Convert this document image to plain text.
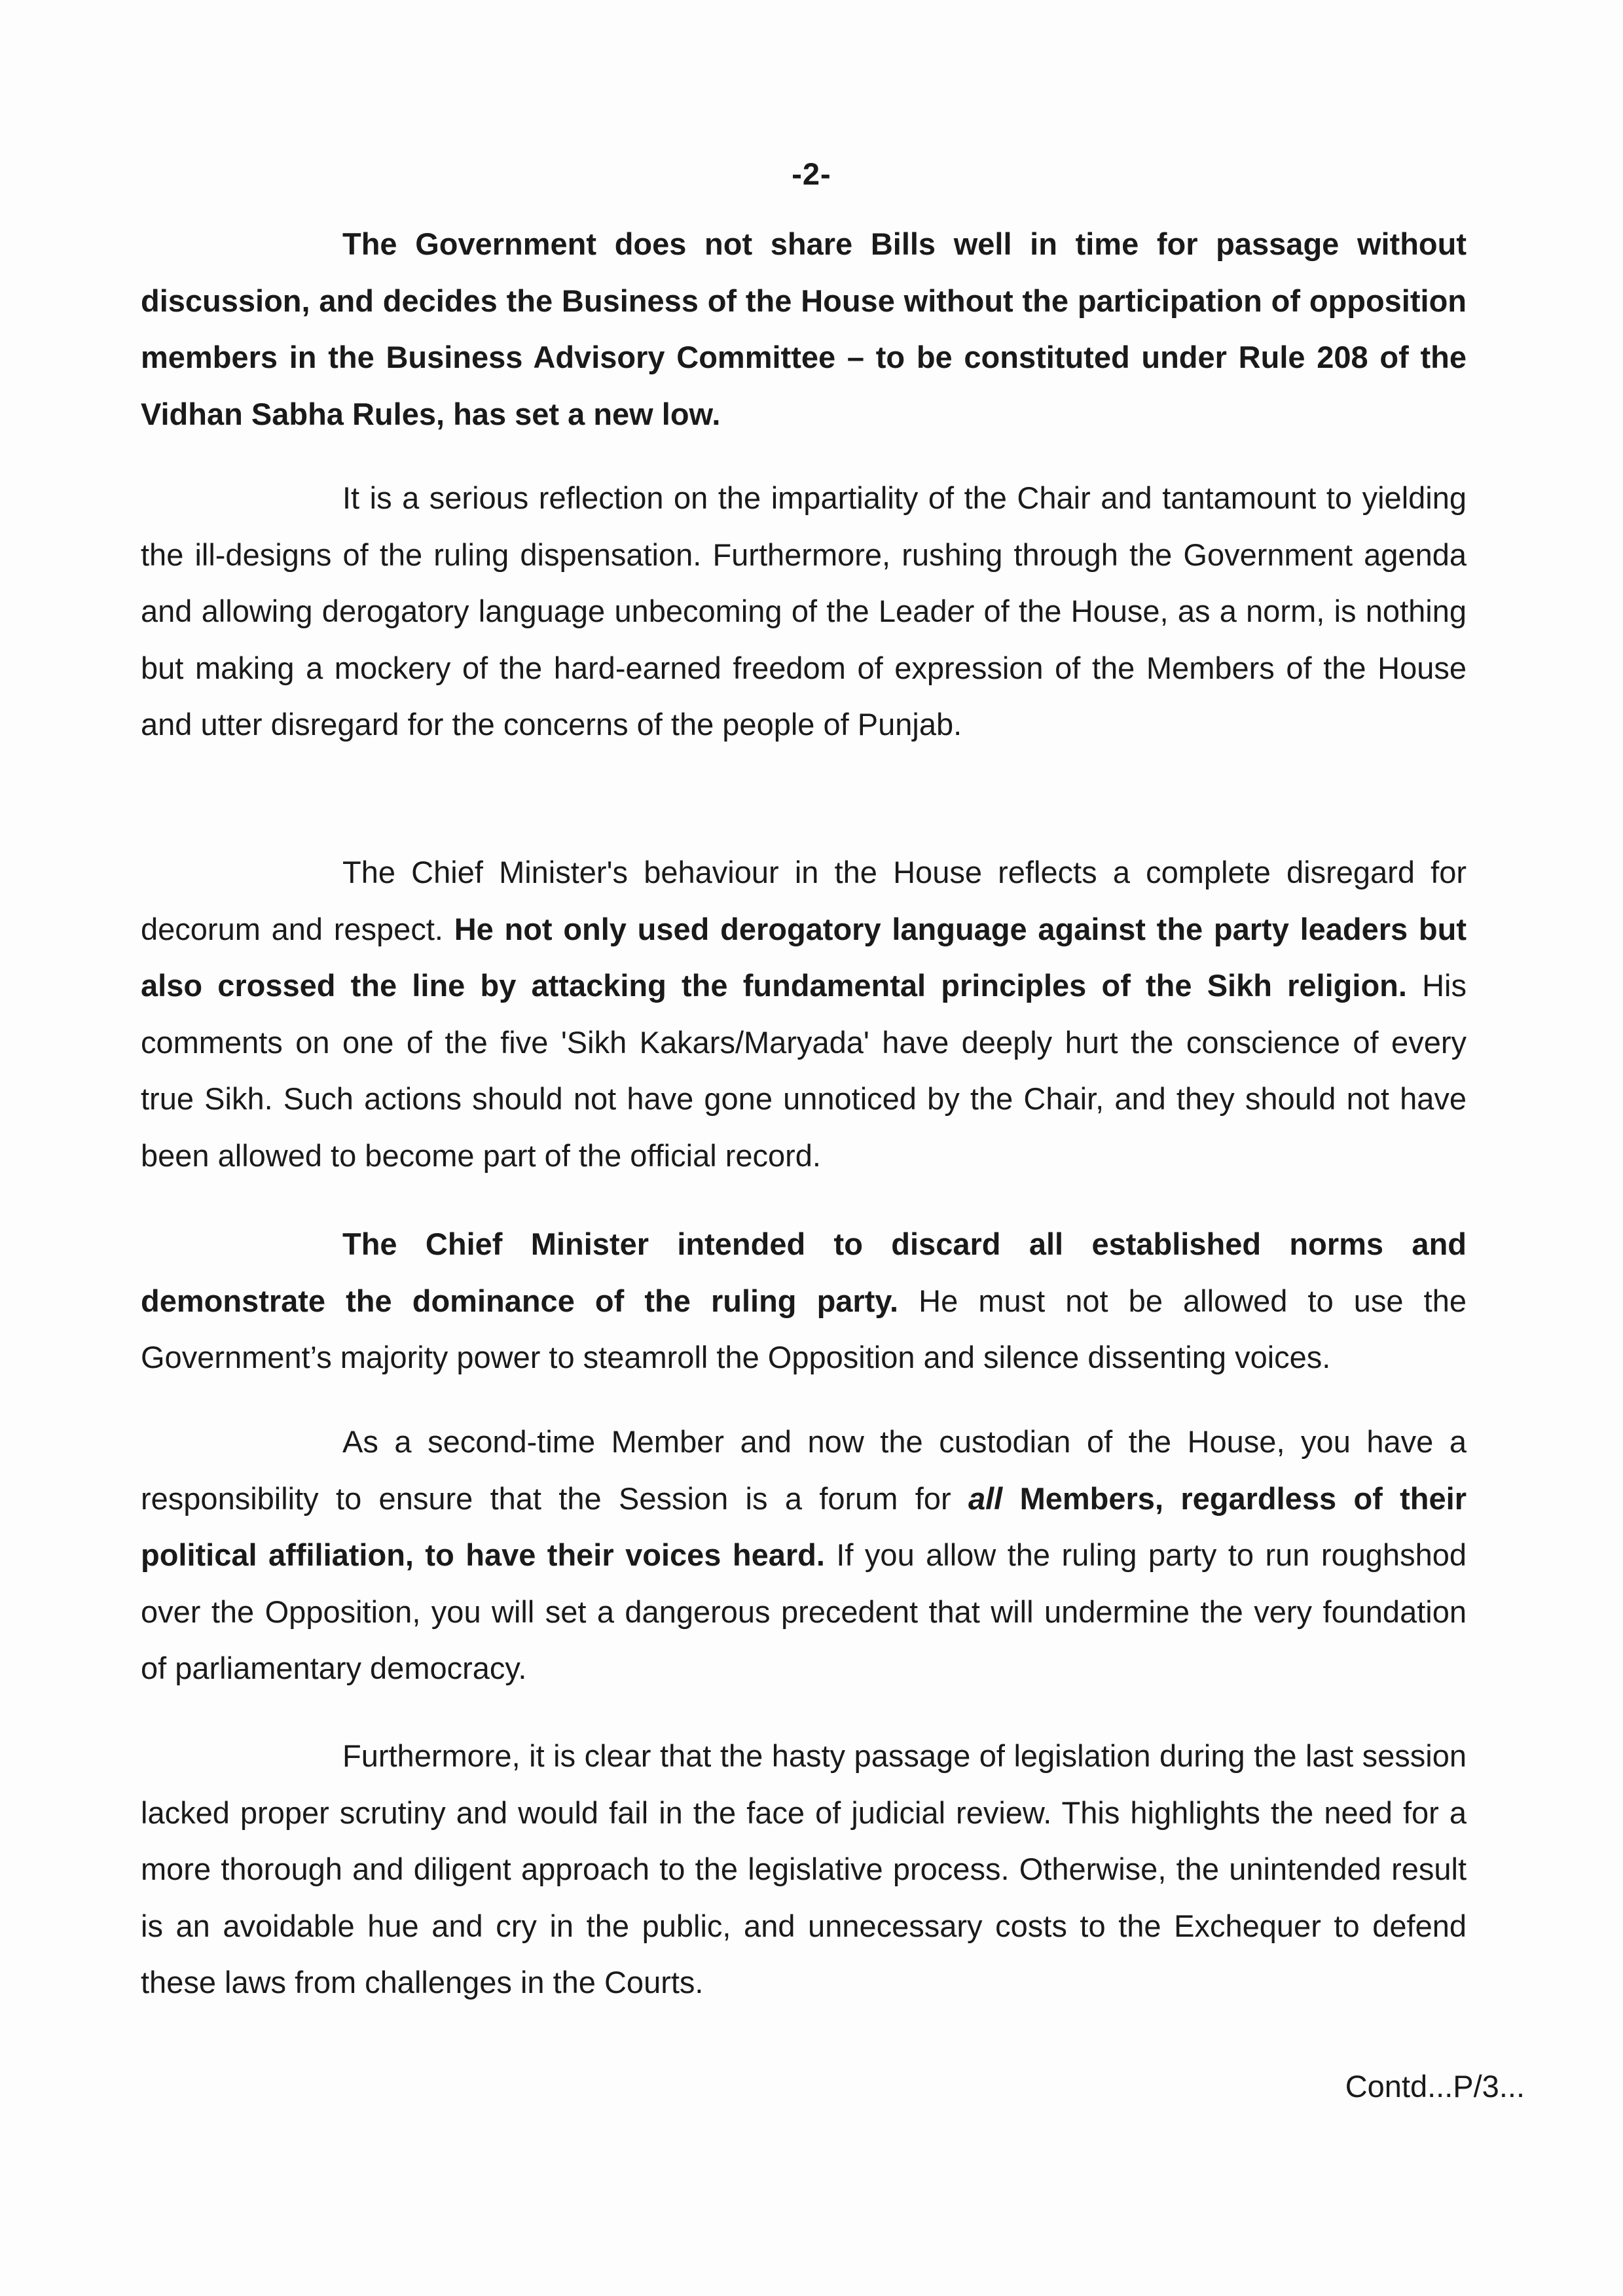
-2-

The Government does not share Bills well in time for passage without discussion, and decides the Business of the House without the participation of opposition members in the Business Advisory Committee – to be constituted under Rule 208 of the Vidhan Sabha Rules, has set a new low.

It is a serious reflection on the impartiality of the Chair and tantamount to yielding the ill-designs of the ruling dispensation. Furthermore, rushing through the Government agenda and allowing derogatory language unbecoming of the Leader of the House, as a norm, is nothing but making a mockery of the hard-earned freedom of expression of the Members of the House and utter disregard for the concerns of the people of Punjab.

The Chief Minister's behaviour in the House reflects a complete disregard for decorum and respect. He not only used derogatory language against the party leaders but also crossed the line by attacking the fundamental principles of the Sikh religion. His comments on one of the five 'Sikh Kakars/Maryada' have deeply hurt the conscience of every true Sikh. Such actions should not have gone unnoticed by the Chair, and they should not have been allowed to become part of the official record.

The Chief Minister intended to discard all established norms and demonstrate the dominance of the ruling party. He must not be allowed to use the Government’s majority power to steamroll the Opposition and silence dissenting voices.

As a second-time Member and now the custodian of the House, you have a responsibility to ensure that the Session is a forum for all Members, regardless of their political affiliation, to have their voices heard. If you allow the ruling party to run roughshod over the Opposition, you will set a dangerous precedent that will undermine the very foundation of parliamentary democracy.

Furthermore, it is clear that the hasty passage of legislation during the last session lacked proper scrutiny and would fail in the face of judicial review. This highlights the need for a more thorough and diligent approach to the legislative process. Otherwise, the unintended result is an avoidable hue and cry in the public, and unnecessary costs to the Exchequer to defend these laws from challenges in the Courts.

Contd...P/3...
